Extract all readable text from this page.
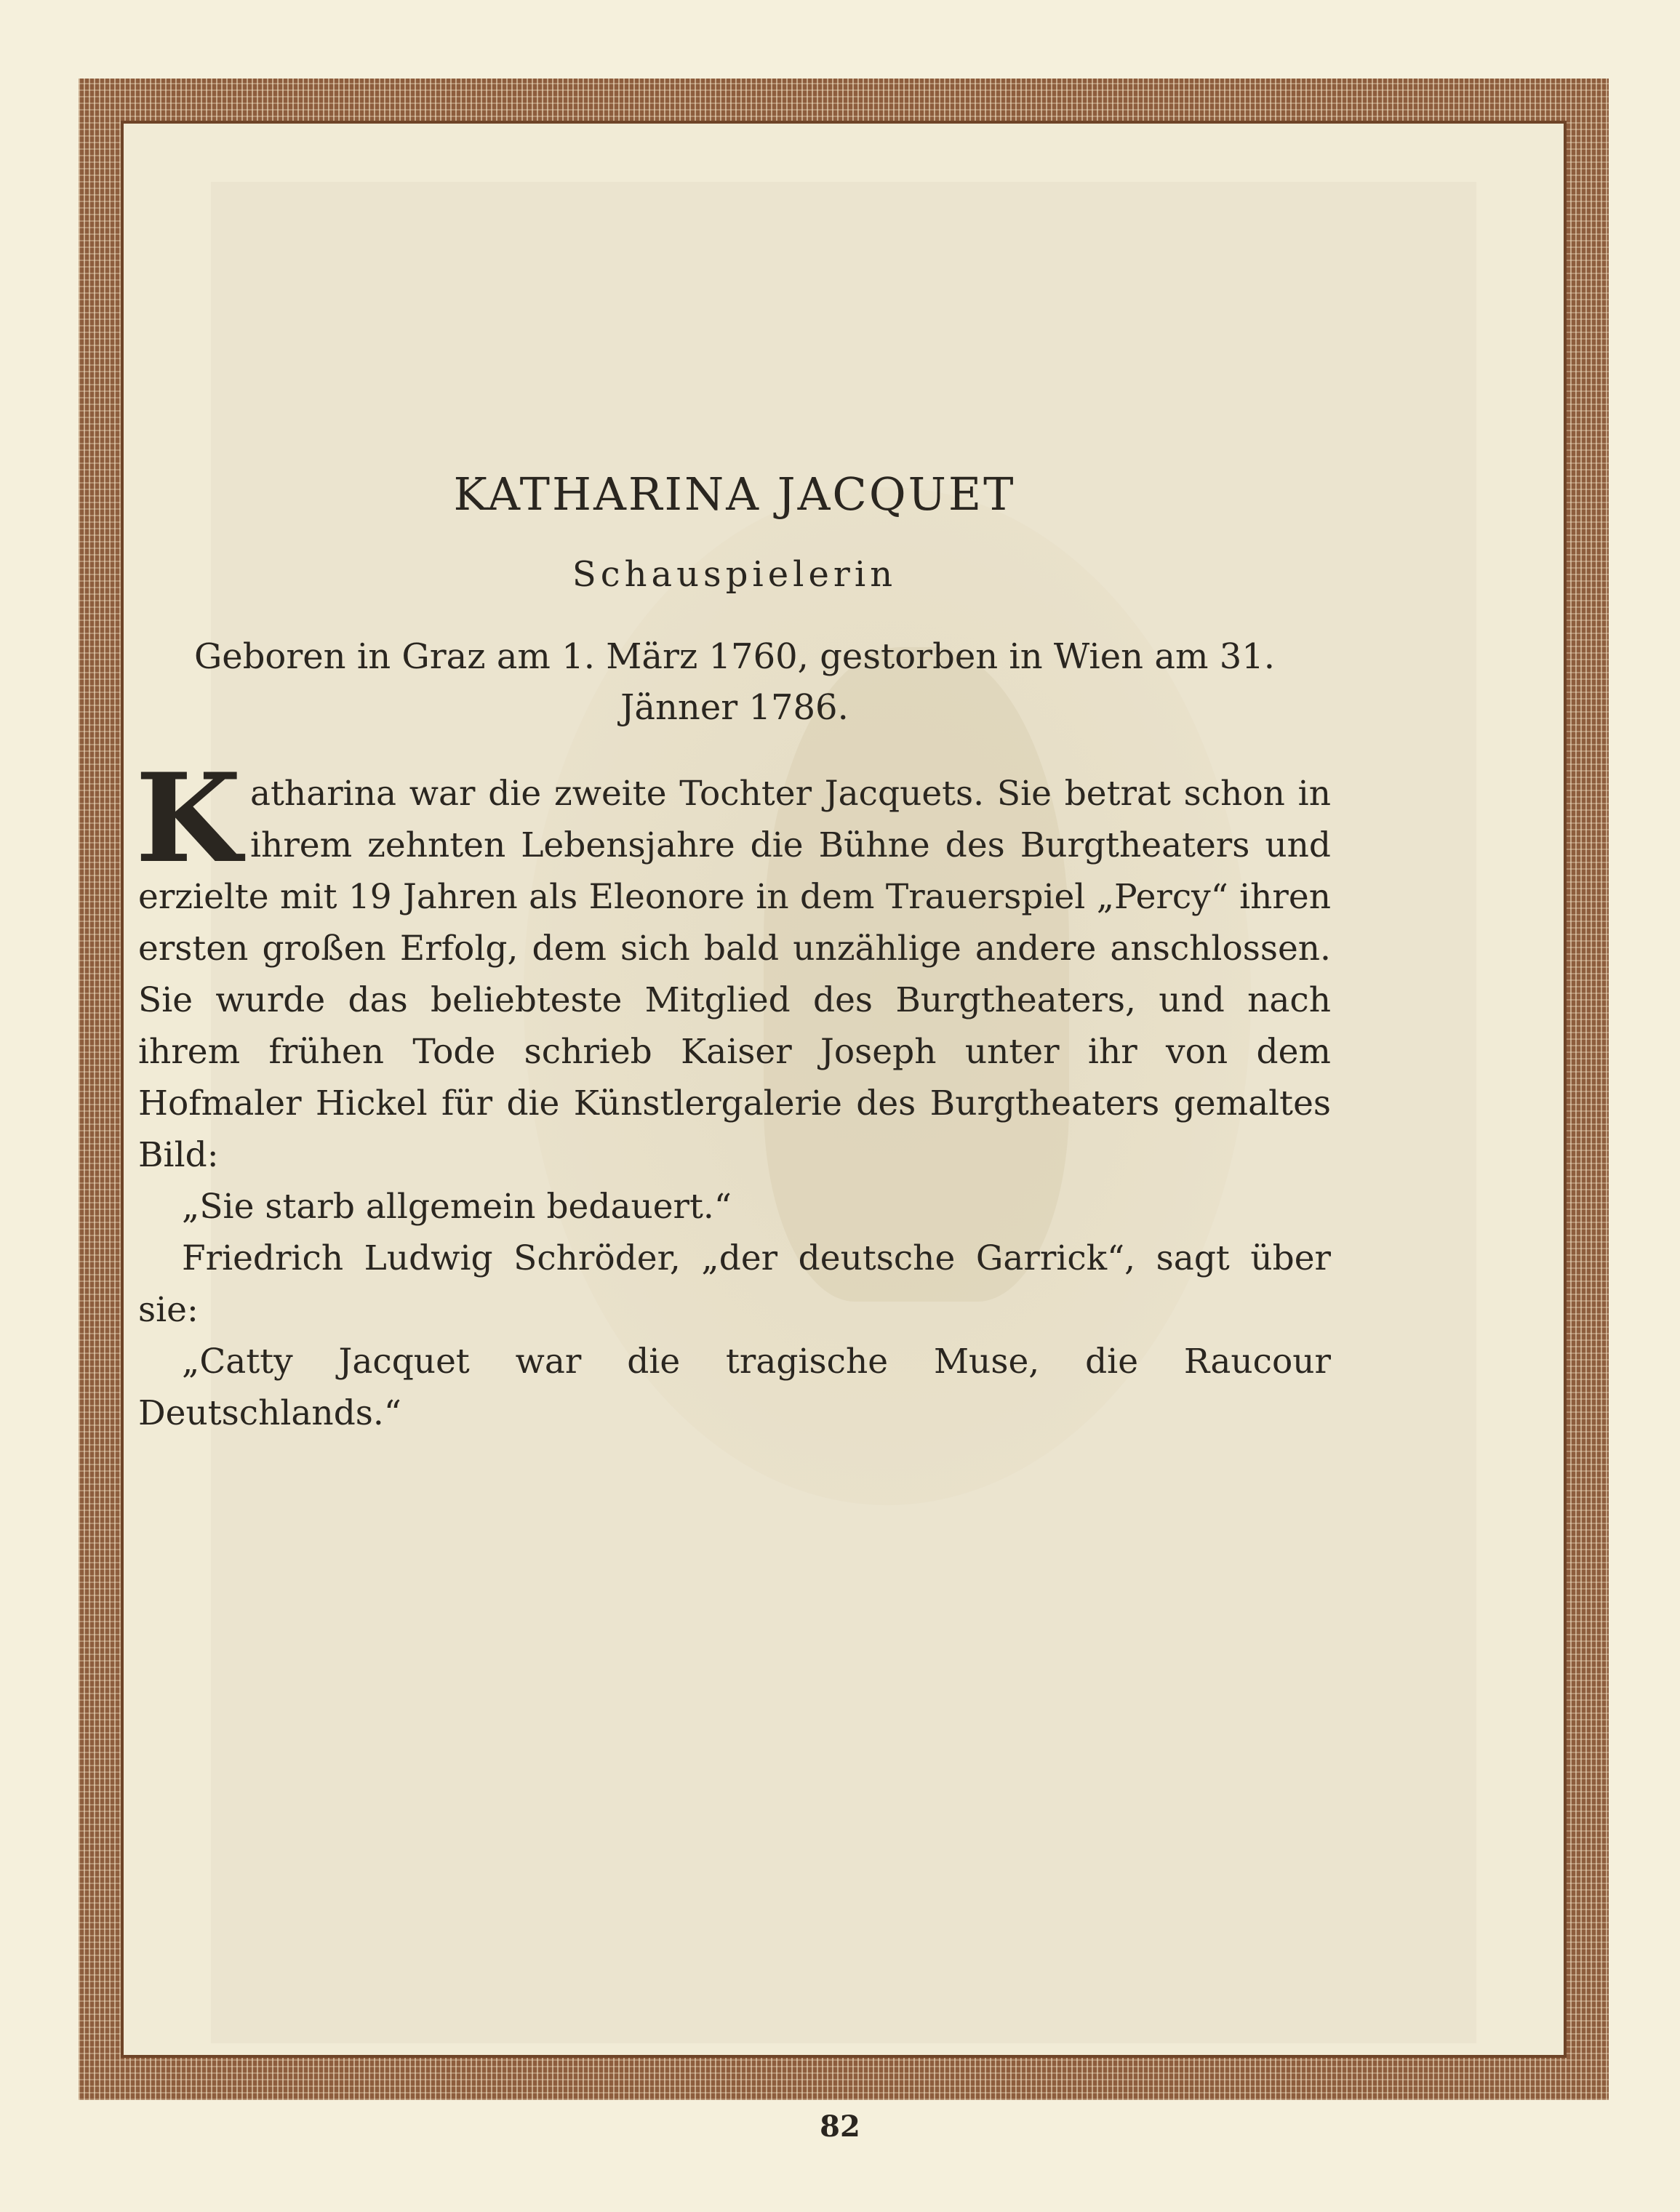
KATHARINA JACQUET

Schauspielerin

Geboren in Graz am 1. März 1760, gestorben in Wien am 31. Jänner 1786.

Katharina war die zweite Tochter Jacquets. Sie betrat schon in ihrem zehnten Lebensjahre die Bühne des Burgtheaters und erzielte mit 19 Jahren als Eleonore in dem Trauerspiel „Percy“ ihren ersten großen Erfolg, dem sich bald unzählige andere anschlossen. Sie wurde das beliebteste Mitglied des Burgtheaters, und nach ihrem frühen Tode schrieb Kaiser Joseph unter ihr von dem Hofmaler Hickel für die Künstlergalerie des Burgtheaters gemaltes Bild:

„Sie starb allgemein bedauert.“

Friedrich Ludwig Schröder, „der deutsche Garrick“, sagt über sie:

„Catty Jacquet war die tragische Muse, die Raucour Deutschlands.“

82
